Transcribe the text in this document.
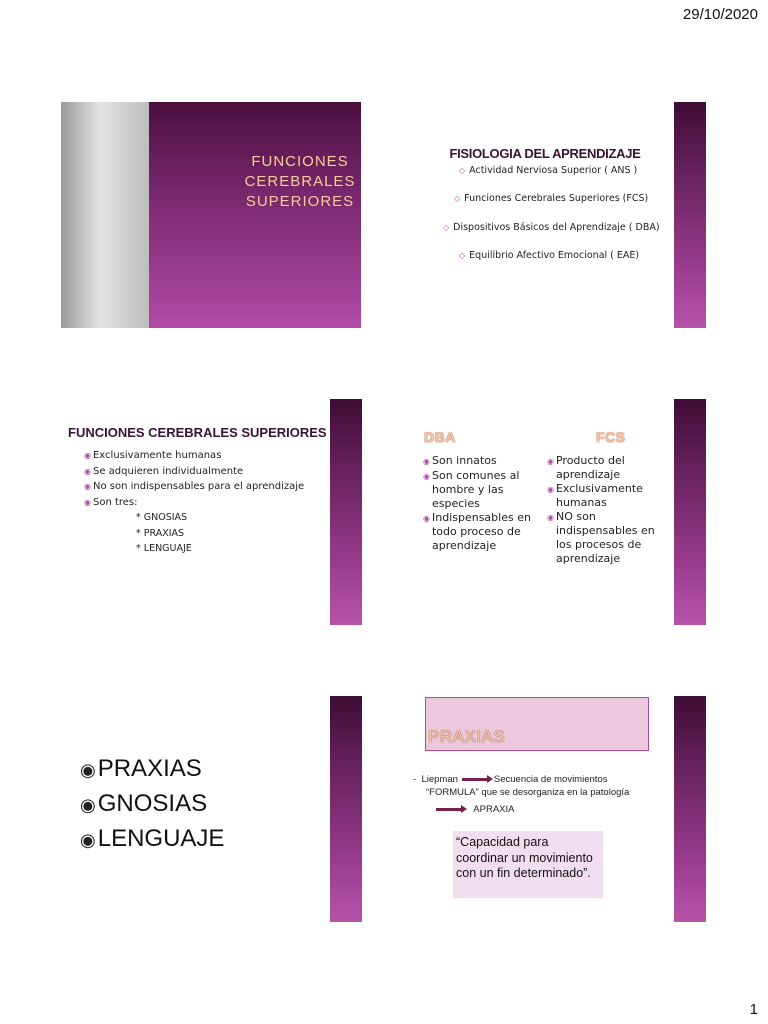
29/10/2020
FUNCIONES
CEREBRALES
SUPERIORES
FISIOLOGIA DEL APRENDIZAJE
◇ Actividad Nerviosa Superior ( ANS )
◇ Funciones Cerebrales Superiores (FCS)
◇ Dispositivos Básicos del Aprendizaje ( DBA)
◇ Equilibrio Afectivo Emocional ( EAE)
FUNCIONES CEREBRALES SUPERIORES
◉ Exclusivamente humanas
◉ Se adquieren individualmente
◉ No son indispensables para el aprendizaje
◉ Son tres:
* GNOSIAS
* PRAXIAS
* LENGUAJE
DBA	FCS
◉ Son innatos
◉ Son comunes al hombre y las especies
◉ Indispensables en todo proceso de aprendizaje
◉ Producto del aprendizaje
◉ Exclusivamente humanas
◉ NO son indispensables en los procesos de aprendizaje
◉PRAXIAS
◉GNOSIAS
◉LENGUAJE
PRAXIAS
- Liepman	Secuencia de movimientos
“FORMULA” que se desorganiza en la patología
APRAXIA
“Capacidad para coordinar un movimiento con un fin determinado”.
1
